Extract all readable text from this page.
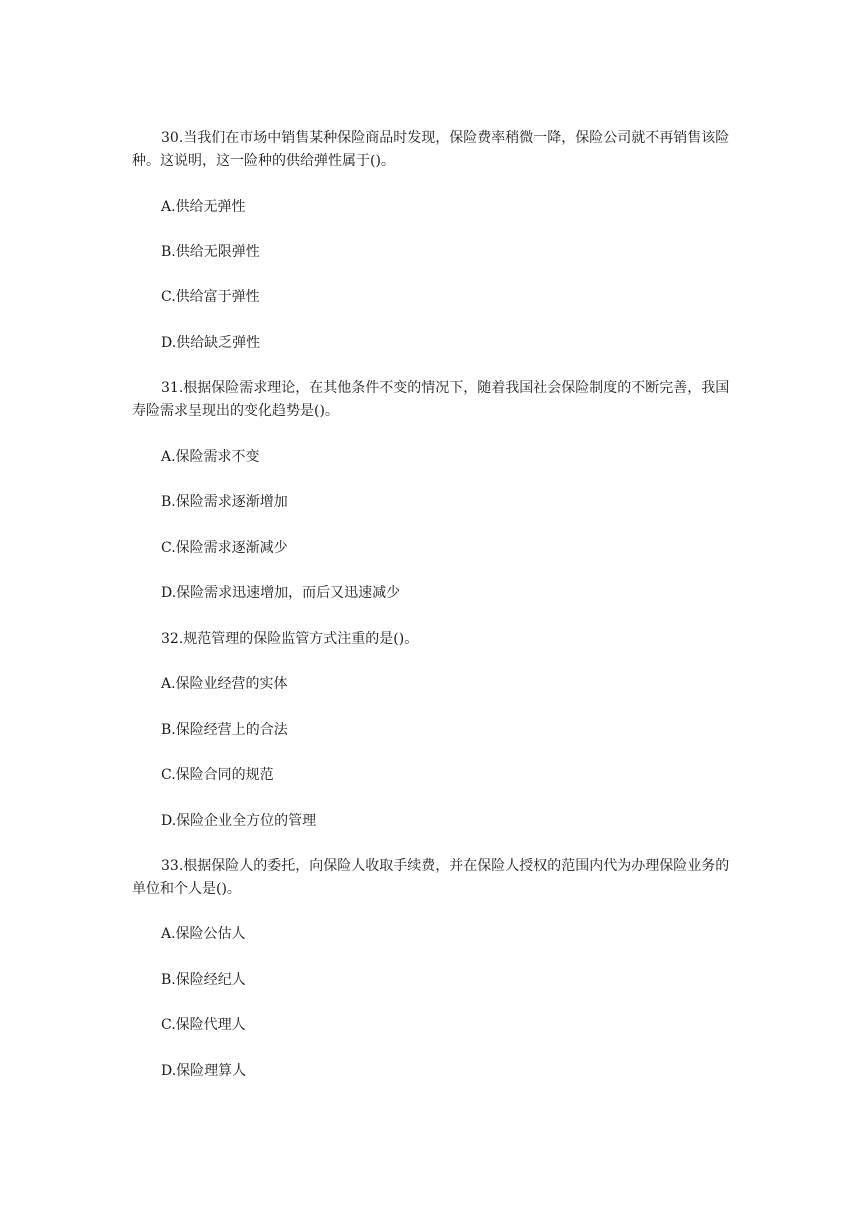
30.当我们在市场中销售某种保险商品时发现，保险费率稍微一降，保险公司就不再销售该险种。这说明，这一险种的供给弹性属于()。

A.供给无弹性

B.供给无限弹性

C.供给富于弹性

D.供给缺乏弹性

31.根据保险需求理论，在其他条件不变的情况下，随着我国社会保险制度的不断完善，我国寿险需求呈现出的变化趋势是()。

A.保险需求不变

B.保险需求逐渐增加

C.保险需求逐渐减少

D.保险需求迅速增加，而后又迅速减少

32.规范管理的保险监管方式注重的是()。

A.保险业经营的实体

B.保险经营上的合法

C.保险合同的规范

D.保险企业全方位的管理

33.根据保险人的委托，向保险人收取手续费，并在保险人授权的范围内代为办理保险业务的单位和个人是()。

A.保险公估人

B.保险经纪人

C.保险代理人

D.保险理算人
